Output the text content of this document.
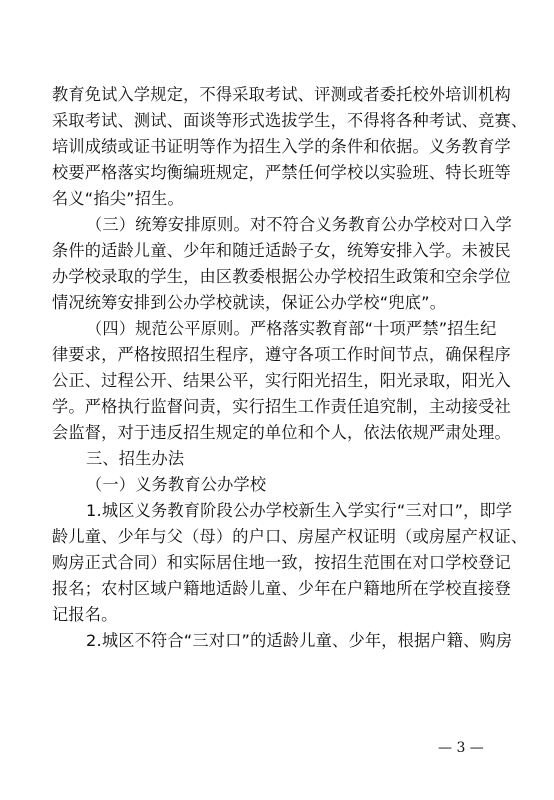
教育免试入学规定，不得采取考试、评测或者委托校外培训机构
采取考试、测试、面谈等形式选拔学生，不得将各种考试、竞赛、
培训成绩或证书证明等作为招生入学的条件和依据。义务教育学
校要严格落实均衡编班规定，严禁任何学校以实验班、特长班等
名义“掐尖”招生。

（三）统筹安排原则。对不符合义务教育公办学校对口入学
条件的适龄儿童、少年和随迁适龄子女，统筹安排入学。未被民
办学校录取的学生，由区教委根据公办学校招生政策和空余学位
情况统筹安排到公办学校就读，保证公办学校“兜底”。

（四）规范公平原则。严格落实教育部“十项严禁”招生纪
律要求，严格按照招生程序，遵守各项工作时间节点，确保程序
公正、过程公开、结果公平，实行阳光招生，阳光录取，阳光入
学。严格执行监督问责，实行招生工作责任追究制，主动接受社
会监督，对于违反招生规定的单位和个人，依法依规严肃处理。

三、招生办法

（一）义务教育公办学校

1.城区义务教育阶段公办学校新生入学实行“三对口”，即学
龄儿童、少年与父（母）的户口、房屋产权证明（或房屋产权证、
购房正式合同）和实际居住地一致，按招生范围在对口学校登记
报名；农村区域户籍地适龄儿童、少年在户籍地所在学校直接登
记报名。

2.城区不符合“三对口”的适龄儿童、少年，根据户籍、购房

— 3 —
